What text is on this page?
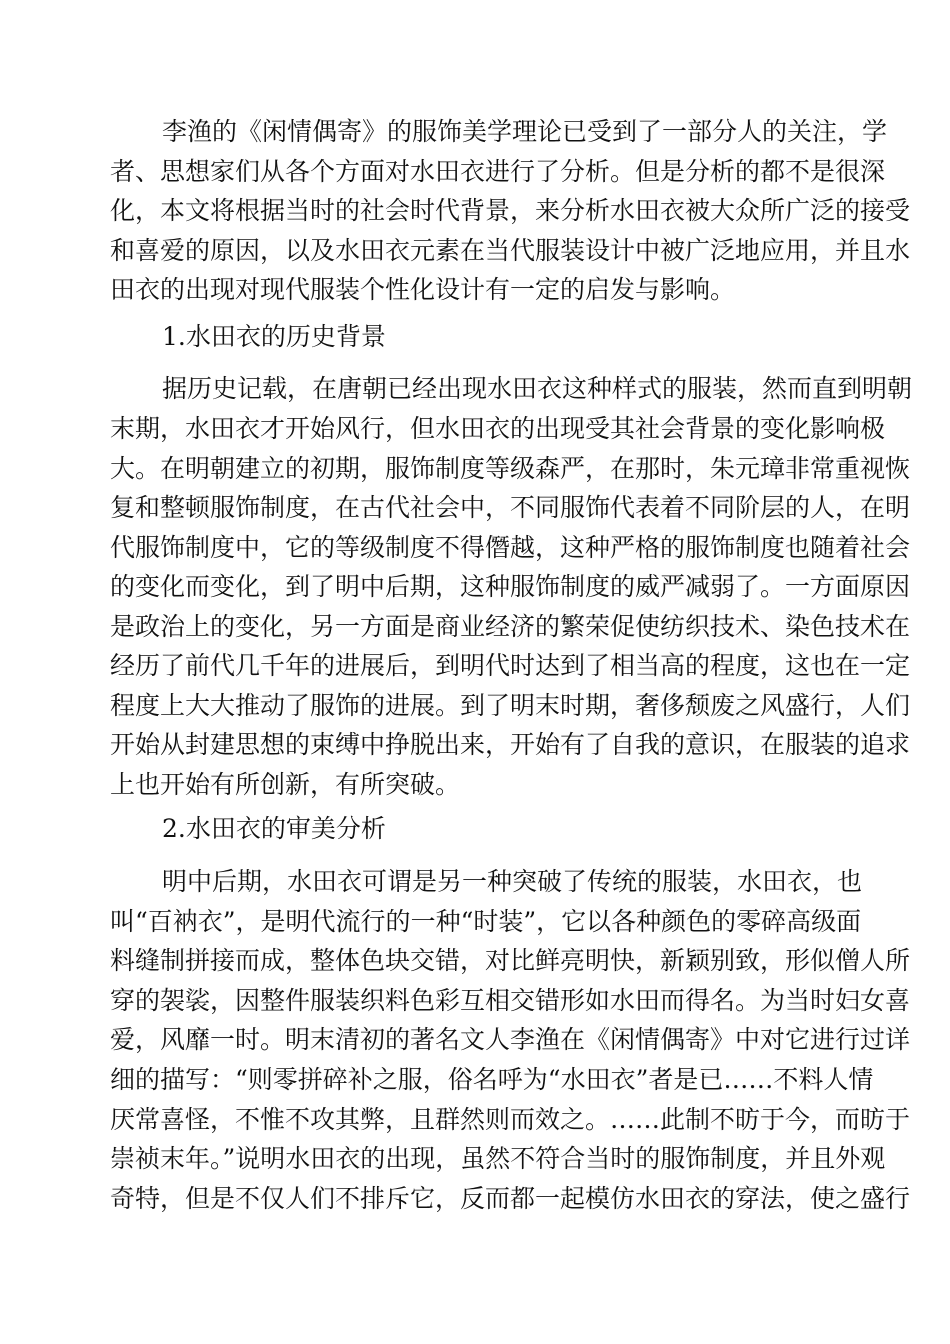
李渔的《闲情偶寄》的服饰美学理论已受到了一部分人的关注，学
者、思想家们从各个方面对水田衣进行了分析。但是分析的都不是很深
化，本文将根据当时的社会时代背景，来分析水田衣被大众所广泛的接受
和喜爱的原因，以及水田衣元素在当代服装设计中被广泛地应用，并且水
田衣的出现对现代服装个性化设计有一定的启发与影响。
1.水田衣的历史背景
据历史记载，在唐朝已经出现水田衣这种样式的服装，然而直到明朝
末期，水田衣才开始风行，但水田衣的出现受其社会背景的变化影响极
大。在明朝建立的初期，服饰制度等级森严，在那时，朱元璋非常重视恢
复和整顿服饰制度，在古代社会中，不同服饰代表着不同阶层的人，在明
代服饰制度中，它的等级制度不得僭越，这种严格的服饰制度也随着社会
的变化而变化，到了明中后期，这种服饰制度的威严减弱了。一方面原因
是政治上的变化，另一方面是商业经济的繁荣促使纺织技术、染色技术在
经历了前代几千年的进展后，到明代时达到了相当高的程度，这也在一定
程度上大大推动了服饰的进展。到了明末时期，奢侈颓废之风盛行，人们
开始从封建思想的束缚中挣脱出来，开始有了自我的意识，在服装的追求
上也开始有所创新，有所突破。
2.水田衣的审美分析
明中后期，水田衣可谓是另一种突破了传统的服装，水田衣，也
叫“百衲衣”，是明代流行的一种“时装”，它以各种颜色的零碎高级面
料缝制拼接而成，整体色块交错，对比鲜亮明快，新颖别致，形似僧人所
穿的袈裟，因整件服装织料色彩互相交错形如水田而得名。为当时妇女喜
爱，风靡一时。明末清初的著名文人李渔在《闲情偶寄》中对它进行过详
细的描写：“则零拼碎补之服，俗名呼为“水田衣”者是已……不料人情
厌常喜怪，不惟不攻其弊，且群然则而效之。……此制不昉于今，而昉于
崇祯末年。”说明水田衣的出现，虽然不符合当时的服饰制度，并且外观
奇特，但是不仅人们不排斥它，反而都一起模仿水田衣的穿法，使之盛行
